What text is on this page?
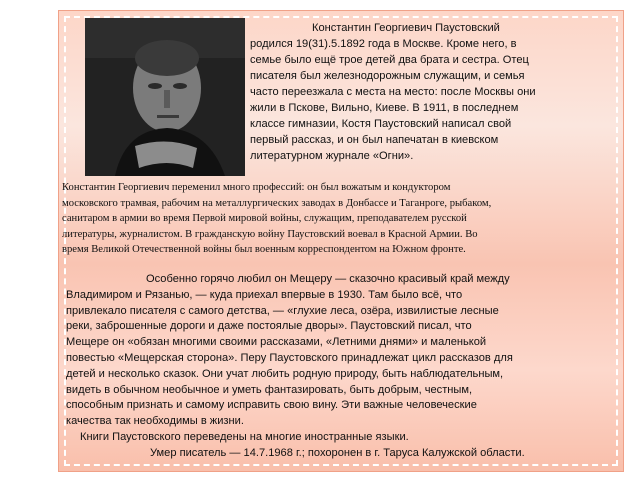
Константин Георгиевич Паустовский
родился 19(31).5.1892 года в Москве. Кроме него, в
семье было ещё трое детей два брата и сестра. Отец
писателя был железнодорожным служащим, и семья
часто переезжала с места на место: после Москвы они
жили в Пскове, Вильно, Киеве. В 1911, в последнем
классе гимназии, Костя Паустовский написал свой
первый рассказ, и он был напечатан в киевском
литературном журнале «Огни».
Константин Георгиевич переменил много профессий: он был вожатым и кондуктором
московского трамвая, рабочим на металлургических заводах в Донбассе и Таганроге, рыбаком,
санитаром в армии во время Первой мировой войны, служащим, преподавателем русской
литературы, журналистом. В гражданскую войну Паустовский воевал в Красной Армии. Во
время Великой Отечественной войны был военным корреспондентом на Южном фронте.
Особенно горячо любил он Мещеру — сказочно красивый край между
Владимиром и Рязанью, — куда приехал впервые в 1930. Там было всё, что
привлекало писателя с самого детства, — «глухие леса, озёра, извилистые лесные
реки, заброшенные дороги и даже постоялые дворы». Паустовский писал, что
Мещере он «обязан многими своими рассказами, «Летними днями» и маленькой
повестью «Мещерская сторона». Перу Паустовского принадлежат цикл рассказов для
детей и несколько сказок. Они учат любить родную природу, быть наблюдательным,
видеть в обычном необычное и уметь фантазировать, быть добрым, честным,
способным признать и самому исправить свою вину. Эти важные человеческие
качества так необходимы в жизни.
Книги Паустовского переведены на многие иностранные языки.
Умер писатель — 14.7.1968 г.; похоронен в г. Таруса Калужской области.
